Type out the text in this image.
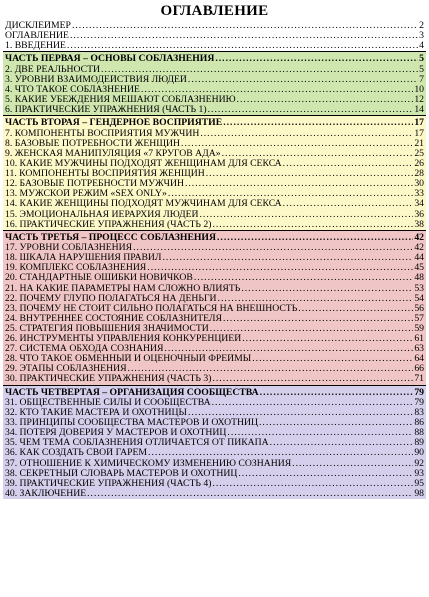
ОГЛАВЛЕНИЕ
ДИСКЛЕЙМЕР .....	2
ОГЛАВЛЕНИЕ .....	3
1. ВВЕДЕНИЕ .....	4
ЧАСТЬ ПЕРВАЯ – ОСНОВЫ СОБЛАЗНЕНИЯ .....	5
2. ДВЕ РЕАЛЬНОСТИ .....	5
3. УРОВНИ ВЗАИМОДЕЙСТВИЯ ЛЮДЕЙ .....	7
4. ЧТО ТАКОЕ СОБЛАЗНЕНИЕ .....	10
5. КАКИЕ УБЕЖДЕНИЯ МЕШАЮТ СОБЛАЗНЕНИЮ .....	12
6. ПРАКТИЧЕСКИЕ УПРАЖНЕНИЯ (ЧАСТЬ 1) .....	14
ЧАСТЬ ВТОРАЯ – ГЕНДЕРНОЕ ВОСПРИЯТИЕ .....	17
7. КОМПОНЕНТЫ ВОСПРИЯТИЯ МУЖЧИН .....	17
8. БАЗОВЫЕ ПОТРЕБНОСТИ ЖЕНЩИН .....	21
9. ЖЕНСКАЯ МАНИПУЛЯЦИЯ «7 КРУГОВ АДА» .....	25
10. КАКИЕ МУЖЧИНЫ ПОДХОДЯТ ЖЕНЩИНАМ ДЛЯ СЕКСА .....	26
11. КОМПОНЕНТЫ ВОСПРИЯТИЯ ЖЕНЩИН .....	28
12. БАЗОВЫЕ ПОТРЕБНОСТИ МУЖЧИН .....	30
13. МУЖСКОЙ РЕЖИМ «SEX ONLY» .....	33
14. КАКИЕ ЖЕНЩИНЫ ПОДХОДЯТ МУЖЧИНАМ ДЛЯ СЕКСА .....	34
15. ЭМОЦИОНАЛЬНАЯ ИЕРАРХИЯ ЛЮДЕЙ .....	36
16. ПРАКТИЧЕСКИЕ УПРАЖНЕНИЯ (ЧАСТЬ 2) .....	38
ЧАСТЬ ТРЕТЬЯ – ПРОЦЕСС СОБЛАЗНЕНИЯ .....	42
17. УРОВНИ СОБЛАЗНЕНИЯ .....	42
18. ШКАЛА НАРУШЕНИЯ ПРАВИЛ .....	44
19. КОМПЛЕКС СОБЛАЗНЕНИЯ .....	45
20. СТАНДАРТНЫЕ ОШИБКИ НОВИЧКОВ .....	48
21. НА КАКИЕ ПАРАМЕТРЫ НАМ СЛОЖНО ВЛИЯТЬ .....	53
22. ПОЧЕМУ ГЛУПО ПОЛАГАТЬСЯ НА ДЕНЬГИ .....	54
23. ПОЧЕМУ НЕ СТОИТ СИЛЬНО ПОЛАГАТЬСЯ НА ВНЕШНОСТЬ .....	56
24. ВНУТРЕННЕЕ СОСТОЯНИЕ СОБЛАЗНИТЕЛЯ .....	57
25. СТРАТЕГИЯ ПОВЫШЕНИЯ ЗНАЧИМОСТИ .....	59
26. ИНСТРУМЕНТЫ УПРАВЛЕНИЯ КОНКУРЕНЦИЕЙ .....	61
27. СИСТЕМА ОБХОДА СОЗНАНИЯ .....	63
28. ЧТО ТАКОЕ ОБМЕННЫЙ И ОЦЕНОЧНЫЙ ФРЕЙМЫ .....	64
29. ЭТАПЫ СОБЛАЗНЕНИЯ .....	66
30. ПРАКТИЧЕСКИЕ УПРАЖНЕНИЯ (ЧАСТЬ 3) .....	71
ЧАСТЬ ЧЕТВЕРТАЯ – ОРГАНИЗАЦИЯ СООБЩЕСТВА .....	79
31. ОБЩЕСТВЕННЫЕ СИЛЫ И СООБЩЕСТВА .....	79
32. КТО ТАКИЕ МАСТЕРА И ОХОТНИЦЫ .....	83
33. ПРИНЦИПЫ СООБЩЕСТВА МАСТЕРОВ И ОХОТНИЦ .....	86
34. ПОТЕРЯ ДОВЕРИЯ У МАСТЕРОВ И ОХОТНИЦ .....	88
35. ЧЕМ ТЕМА СОБЛАЗНЕНИЯ ОТЛИЧАЕТСЯ ОТ ПИКАПА .....	89
36. КАК СОЗДАТЬ СВОЙ ГАРЕМ .....	90
37. ОТНОШЕНИЕ К ХИМИЧЕСКОМУ ИЗМЕНЕНИЮ СОЗНАНИЯ .....	92
38. СЕКРЕТНЫЙ СЛОВАРЬ МАСТЕРОВ И ОХОТНИЦ .....	93
39. ПРАКТИЧЕСКИЕ УПРАЖНЕНИЯ (ЧАСТЬ 4) .....	95
40. ЗАКЛЮЧЕНИЕ .....	98
